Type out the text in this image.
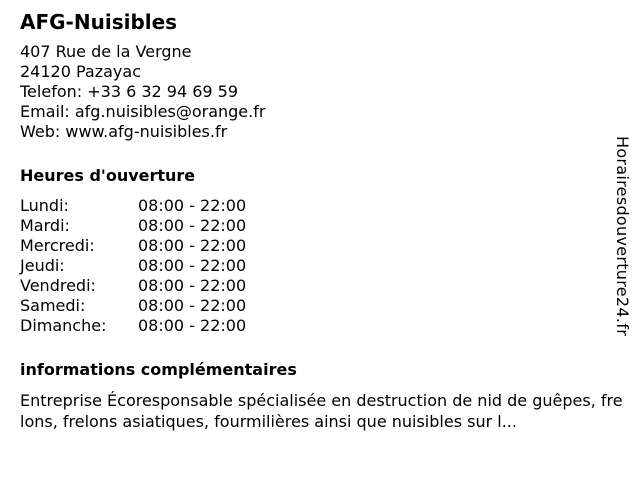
AFG-Nuisibles
407 Rue de la Vergne
24120 Pazayac
Telefon: +33 6 32 94 69 59
Email: afg.nuisibles@orange.fr
Web: www.afg-nuisibles.fr
Heures d'ouverture
Lundi:	08:00 - 22:00
Mardi:	08:00 - 22:00
Mercredi:	08:00 - 22:00
Jeudi:	08:00 - 22:00
Vendredi:	08:00 - 22:00
Samedi:	08:00 - 22:00
Dimanche:	08:00 - 22:00
informations complémentaires
Entreprise Écoresponsable spécialisée en destruction de nid de guêpes, frelons, frelons asiatiques, fourmilières ainsi que nuisibles sur l...
Horairesdouverture24.fr
